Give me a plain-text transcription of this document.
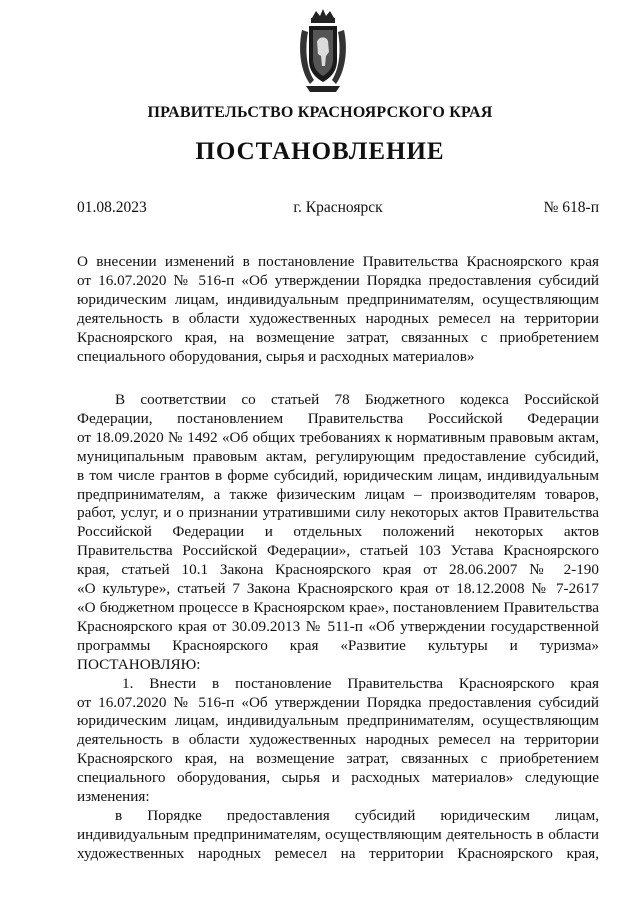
ПРАВИТЕЛЬСТВО КРАСНОЯРСКОГО КРАЯ
ПОСТАНОВЛЕНИЕ
01.08.2023	г. Красноярск	№ 618-п
О внесении изменений в постановление Правительства Красноярского края
от 16.07.2020 № 516-п «Об утверждении Порядка предоставления субсидий
юридическим лицам, индивидуальным предпринимателям, осуществляющим
деятельность в области художественных народных ремесел на территории
Красноярского края, на возмещение затрат, связанных с приобретением
специального оборудования, сырья и расходных материалов»
В соответствии со статьей 78 Бюджетного кодекса Российской
Федерации, постановлением Правительства Российской Федерации
от 18.09.2020 № 1492 «Об общих требованиях к нормативным правовым актам,
муниципальным правовым актам, регулирующим предоставление субсидий,
в том числе грантов в форме субсидий, юридическим лицам, индивидуальным
предпринимателям, а также физическим лицам – производителям товаров,
работ, услуг, и о признании утратившими силу некоторых актов Правительства
Российской Федерации и отдельных положений некоторых актов
Правительства Российской Федерации», статьей 103 Устава Красноярского
края, статьей 10.1 Закона Красноярского края от 28.06.2007 № 2-190
«О культуре», статьей 7 Закона Красноярского края от 18.12.2008 № 7-2617
«О бюджетном процессе в Красноярском крае», постановлением Правительства
Красноярского края от 30.09.2013 № 511-п «Об утверждении государственной
программы Красноярского края «Развитие культуры и туризма»
ПОСТАНОВЛЯЮ:
1. Внести в постановление Правительства Красноярского края
от 16.07.2020 № 516-п «Об утверждении Порядка предоставления субсидий
юридическим лицам, индивидуальным предпринимателям, осуществляющим
деятельность в области художественных народных ремесел на территории
Красноярского края, на возмещение затрат, связанных с приобретением
специального оборудования, сырья и расходных материалов» следующие
изменения:
в Порядке предоставления субсидий юридическим лицам,
индивидуальным предпринимателям, осуществляющим деятельность в области
художественных народных ремесел на территории Красноярского края,
